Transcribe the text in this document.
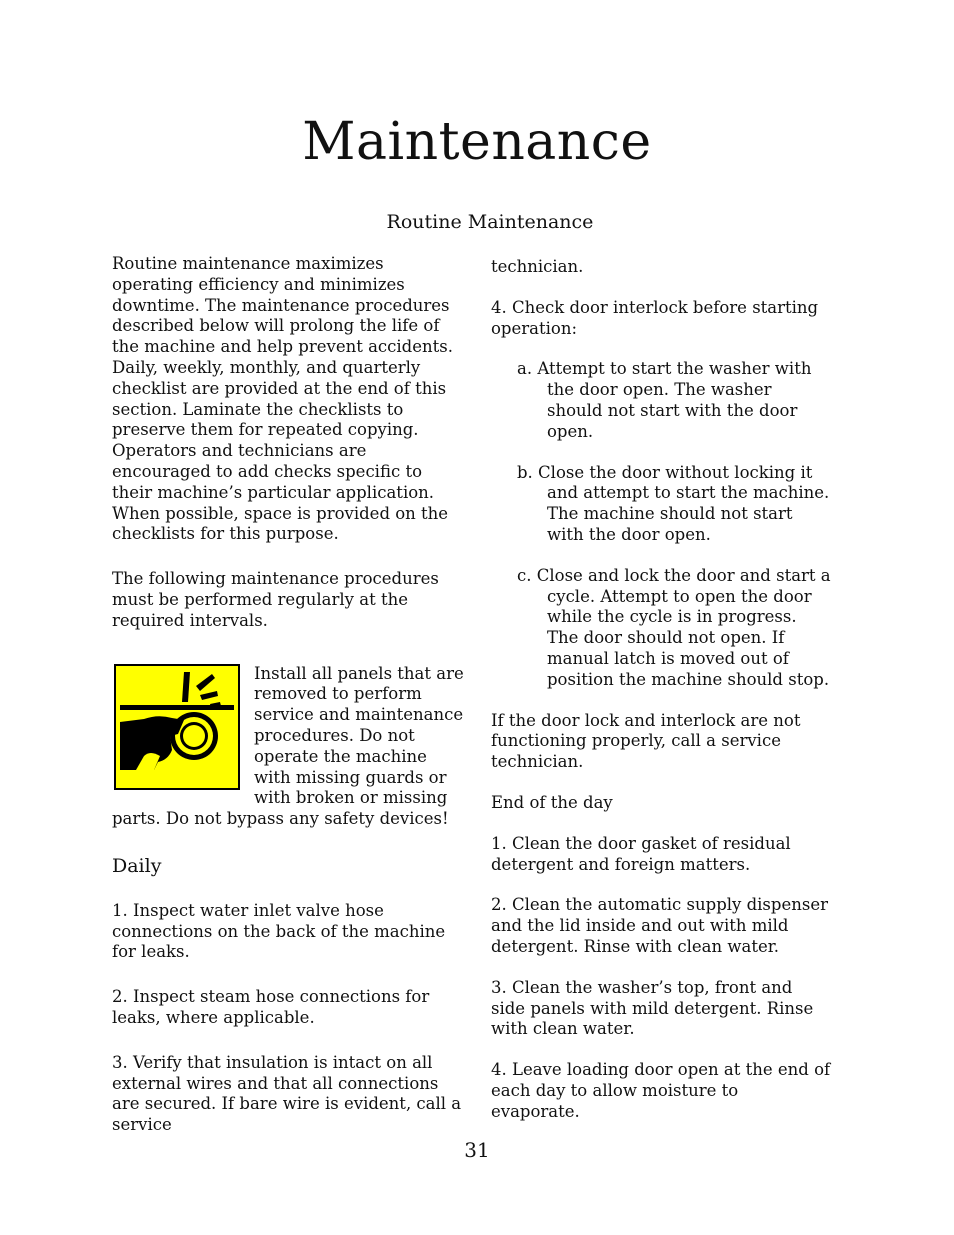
Maintenance
Routine Maintenance

Routine maintenance maximizes operating efficiency and minimizes downtime. The maintenance procedures described below will prolong the life of the machine and help prevent accidents.

Daily, weekly, monthly, and quarterly checklist are provided at the end of this section. Laminate the checklists to preserve them for repeated copying. Operators and technicians are encouraged to add checks specific to their machine’s particular application. When possible, space is provided on the checklists for this purpose.

The following maintenance procedures must be performed regularly at the required intervals.

Install all panels that are removed to perform service and maintenance procedures. Do not operate the machine with missing guards or with broken or missing parts. Do not bypass any safety devices!

Daily

1. Inspect water inlet valve hose connections on the back of the machine for leaks.

2. Inspect steam hose connections for leaks, where applicable.

3. Verify that insulation is intact on all external wires and that all connections are secured. If bare wire is evident, call a service

technician.

4. Check door interlock before starting operation:

a. Attempt to start the washer with the door open. The washer should not start with the door open.

b. Close the door without locking it and attempt to start the machine. The machine should not start with the door open.

c. Close and lock the door and start a cycle. Attempt to open the door while the cycle is in progress. The door should not open. If manual latch is moved out of position the machine should stop.

If the door lock and interlock are not functioning properly, call a service technician.

End of the day

1. Clean the door gasket of residual detergent and foreign matters.

2. Clean the automatic supply dispenser and the lid inside and out with mild detergent. Rinse with clean water.

3. Clean the washer’s top, front and side panels with mild detergent. Rinse with clean water.

4. Leave loading door open at the end of each day to allow moisture to evaporate.

31
